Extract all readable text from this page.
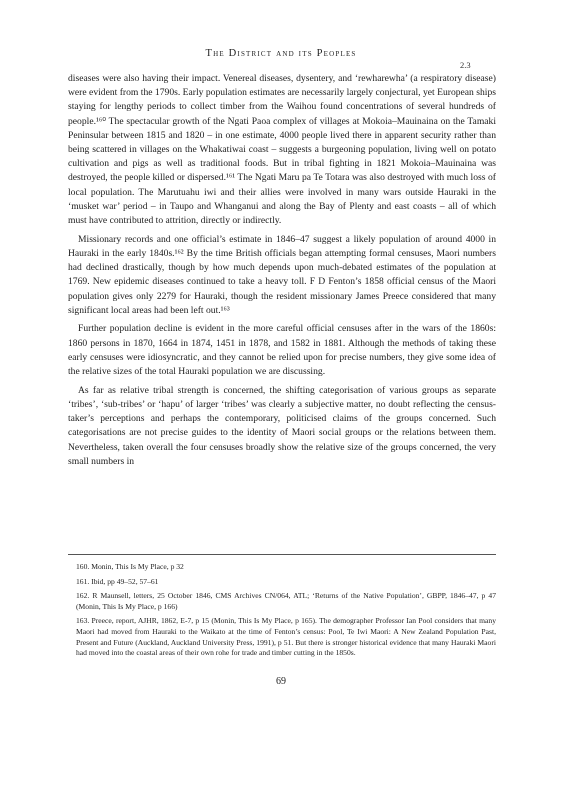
The District and its Peoples
2.3

diseases were also having their impact. Venereal diseases, dysentery, and ‘rewharewha’ (a respiratory disease) were evident from the 1790s. Early population estimates are necessarily largely conjectural, yet European ships staying for lengthy periods to collect timber from the Waihou found concentrations of several hundreds of people.¹⁶⁰ The spectacular growth of the Ngati Paoa complex of villages at Mokoia–Mauinaina on the Tamaki Peninsular between 1815 and 1820 – in one estimate, 4000 people lived there in apparent security rather than being scattered in villages on the Whakatiwai coast – suggests a burgeoning population, living well on potato cultivation and pigs as well as traditional foods. But in tribal fighting in 1821 Mokoia–Mauinaina was destroyed, the people killed or dispersed.¹⁶¹ The Ngati Maru pa Te Totara was also destroyed with much loss of local population. The Marutuahu iwi and their allies were involved in many wars outside Hauraki in the ‘musket war’ period – in Taupo and Whanganui and along the Bay of Plenty and east coasts – all of which must have contributed to attrition, directly or indirectly.

Missionary records and one official’s estimate in 1846–47 suggest a likely population of around 4000 in Hauraki in the early 1840s.¹⁶² By the time British officials began attempting formal censuses, Maori numbers had declined drastically, though by how much depends upon much-debated estimates of the population at 1769. New epidemic diseases continued to take a heavy toll. F D Fenton’s 1858 official census of the Maori population gives only 2279 for Hauraki, though the resident missionary James Preece considered that many significant local areas had been left out.¹⁶³

Further population decline is evident in the more careful official censuses after in the wars of the 1860s: 1860 persons in 1870, 1664 in 1874, 1451 in 1878, and 1582 in 1881. Although the methods of taking these early censuses were idiosyncratic, and they cannot be relied upon for precise numbers, they give some idea of the relative sizes of the total Hauraki population we are discussing.

As far as relative tribal strength is concerned, the shifting categorisation of various groups as separate ‘tribes’, ‘sub-tribes’ or ‘hapu’ of larger ‘tribes’ was clearly a subjective matter, no doubt reflecting the census-taker’s perceptions and perhaps the contemporary, politicised claims of the groups concerned. Such categorisations are not precise guides to the identity of Maori social groups or the relations between them. Nevertheless, taken overall the four censuses broadly show the relative size of the groups concerned, the very small numbers in

160. Monin, This Is My Place, p 32

161. Ibid, pp 49–52, 57–61

162. R Maunsell, letters, 25 October 1846, CMS Archives CN/064, ATL; ‘Returns of the Native Population’, GBPP, 1846–47, p 47 (Monin, This Is My Place, p 166)

163. Preece, report, AJHR, 1862, E-7, p 15 (Monin, This Is My Place, p 165). The demographer Professor Ian Pool considers that many Maori had moved from Hauraki to the Waikato at the time of Fenton’s census: Pool, Te Iwi Maori: A New Zealand Population Past, Present and Future (Auckland, Auckland University Press, 1991), p 51. But there is stronger historical evidence that many Hauraki Maori had moved into the coastal areas of their own rohe for trade and timber cutting in the 1850s.

69
